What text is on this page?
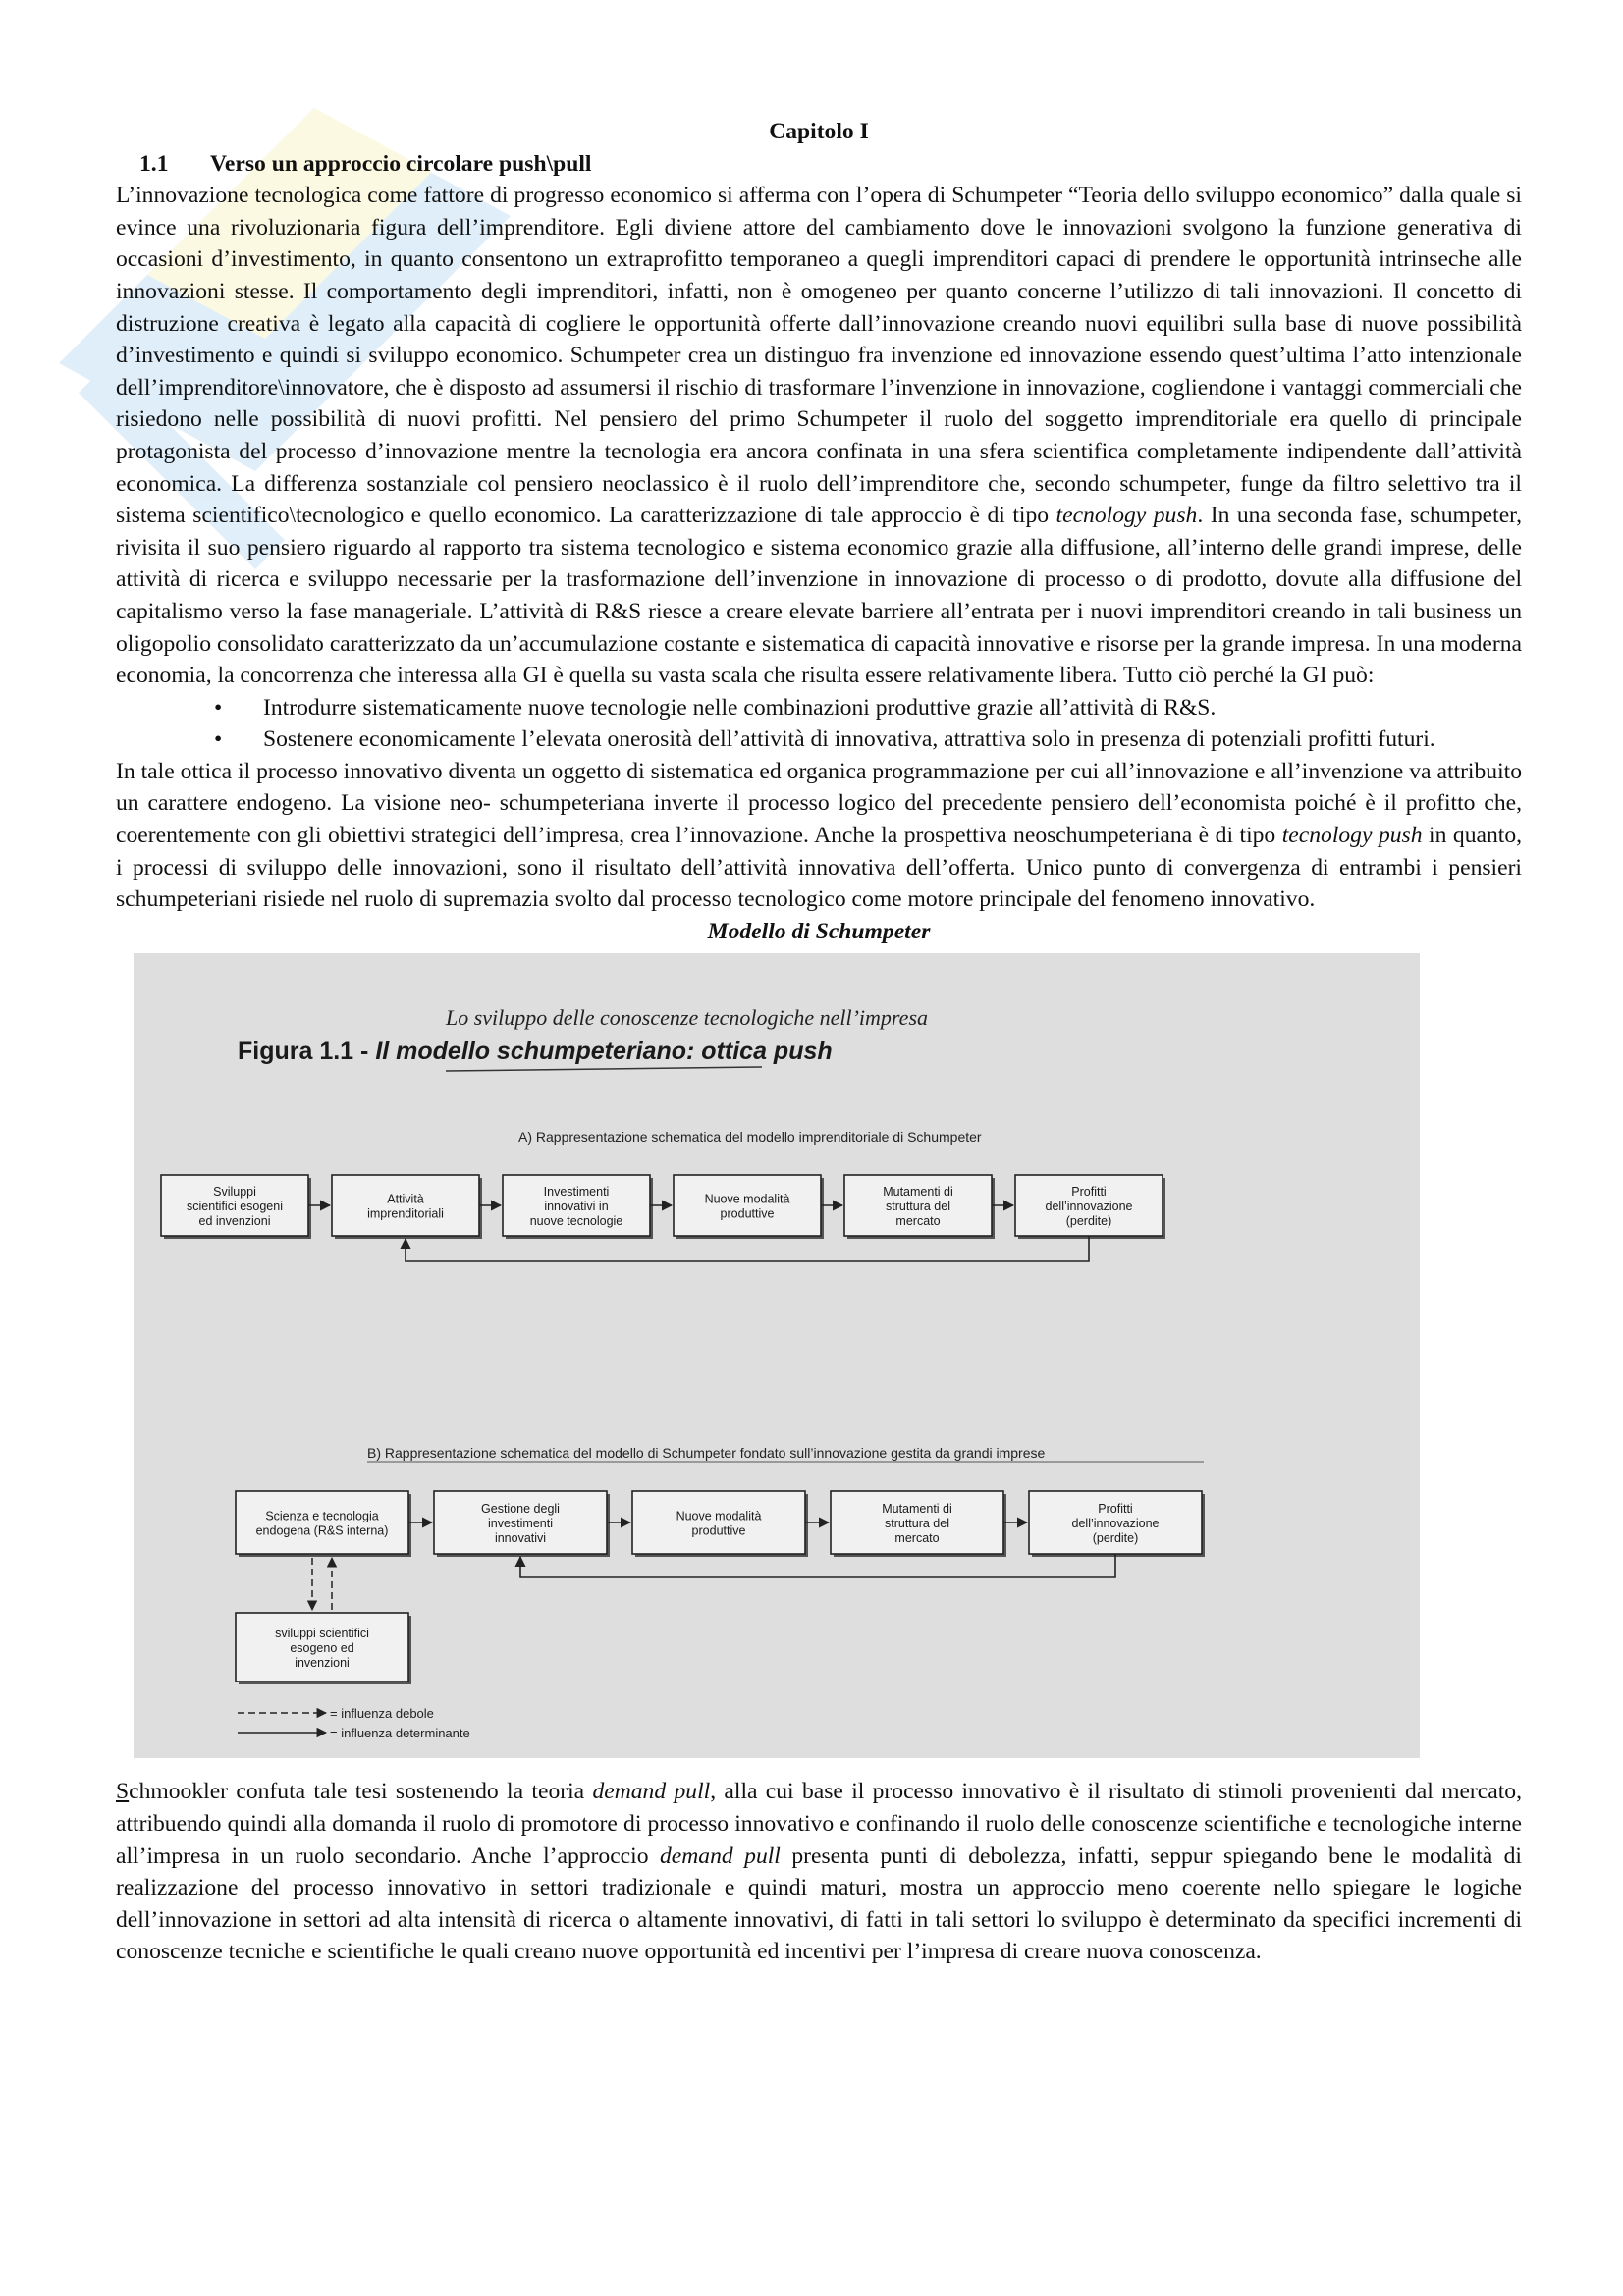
Capitolo I

1.1 Verso un approccio circolare push\pull

L’innovazione tecnologica come fattore di progresso economico si afferma con l’opera di Schumpeter “Teoria dello sviluppo economico” dalla quale si evince una rivoluzionaria figura dell’imprenditore. Egli diviene attore del cambiamento dove le innovazioni svolgono la funzione generativa di occasioni d’investimento, in quanto consentono un extraprofitto temporaneo a quegli imprenditori capaci di prendere le opportunità intrinseche alle innovazioni stesse. Il comportamento degli imprenditori, infatti, non è omogeneo per quanto concerne l’utilizzo di tali innovazioni. Il concetto di distruzione creativa è legato alla capacità di cogliere le opportunità offerte dall’innovazione creando nuovi equilibri sulla base di nuove possibilità d’investimento e quindi si sviluppo economico. Schumpeter crea un distinguo fra invenzione ed innovazione essendo quest’ultima l’atto intenzionale dell’imprenditore\innovatore, che è disposto ad assumersi il rischio di trasformare l’invenzione in innovazione, cogliendone i vantaggi commerciali che risiedono nelle possibilità di nuovi profitti. Nel pensiero del primo Schumpeter il ruolo del soggetto imprenditoriale era quello di principale protagonista del processo d’innovazione mentre la tecnologia era ancora confinata in una sfera scientifica completamente indipendente dall’attività economica. La differenza sostanziale col pensiero neoclassico è il ruolo dell’imprenditore che, secondo schumpeter, funge da filtro selettivo tra il sistema scientifico\tecnologico e quello economico. La caratterizzazione di tale approccio è di tipo tecnology push. In una seconda fase, schumpeter, rivisita il suo pensiero riguardo al rapporto tra sistema tecnologico e sistema economico grazie alla diffusione, all’interno delle grandi imprese, delle attività di ricerca e sviluppo necessarie per la trasformazione dell’invenzione in innovazione di processo o di prodotto, dovute alla diffusione del capitalismo verso la fase manageriale. L’attività di R&S riesce a creare elevate barriere all’entrata per i nuovi imprenditori creando in tali business un oligopolio consolidato caratterizzato da un’accumulazione costante e sistematica di capacità innovative e risorse per la grande impresa. In una moderna economia, la concorrenza che interessa alla GI è quella su vasta scala che risulta essere relativamente libera. Tutto ciò perché la GI può:

• Introdurre sistematicamente nuove tecnologie nelle combinazioni produttive grazie all’attività di R&S.
• Sostenere economicamente l’elevata onerosità dell’attività di innovativa, attrattiva solo in presenza di potenziali profitti futuri.

In tale ottica il processo innovativo diventa un oggetto di sistematica ed organica programmazione per cui all’innovazione e all’invenzione va attribuito un carattere endogeno. La visione neo- schumpeteriana inverte il processo logico del precedente pensiero dell’economista poiché è il profitto che, coerentemente con gli obiettivi strategici dell’impresa, crea l’innovazione. Anche la prospettiva neoschumpeteriana è di tipo tecnology push in quanto, i processi di sviluppo delle innovazioni, sono il risultato dell’attività innovativa dell’offerta. Unico punto di convergenza di entrambi i pensieri schumpeteriani risiede nel ruolo di supremazia svolto dal processo tecnologico come motore principale del fenomeno innovativo.

Modello di Schumpeter

Lo sviluppo delle conoscenze tecnologiche nell’impresa
Figura 1.1 - Il modello schumpeteriano: ottica push
A) Rappresentazione schematica del modello imprenditoriale di Schumpeter
Sviluppi
scientifici esogeni
ed invenzioni
Attività
imprenditoriali
Investimenti
innovativi in
nuove tecnologie
Nuove modalità
produttive
Mutamenti di
struttura del
mercato
Profitti
dell’innovazione
(perdite)
B) Rappresentazione schematica del modello di Schumpeter fondato sull’innovazione gestita da grandi imprese
Scienza e tecnologia
endogena (R&S interna)
Gestione degli
investimenti
innovativi
Nuove modalità
produttive
Mutamenti di
struttura del
mercato
Profitti
dell’innovazione
(perdite)
sviluppi scientifici
esogeno ed
invenzioni
= influenza debole
= influenza determinante

Schmookler confuta tale tesi sostenendo la teoria demand pull, alla cui base il processo innovativo è il risultato di stimoli provenienti dal mercato, attribuendo quindi alla domanda il ruolo di promotore di processo innovativo e confinando il ruolo delle conoscenze scientifiche e tecnologiche interne all’impresa in un ruolo secondario. Anche l’approccio demand pull presenta punti di debolezza, infatti, seppur spiegando bene le modalità di realizzazione del processo innovativo in settori tradizionale e quindi maturi, mostra un approccio meno coerente nello spiegare le logiche dell’innovazione in settori ad alta intensità di ricerca o altamente innovativi, di fatti in tali settori lo sviluppo è determinato da specifici incrementi di conoscenze tecniche e scientifiche le quali creano nuove opportunità ed incentivi per l’impresa di creare nuova conoscenza.
